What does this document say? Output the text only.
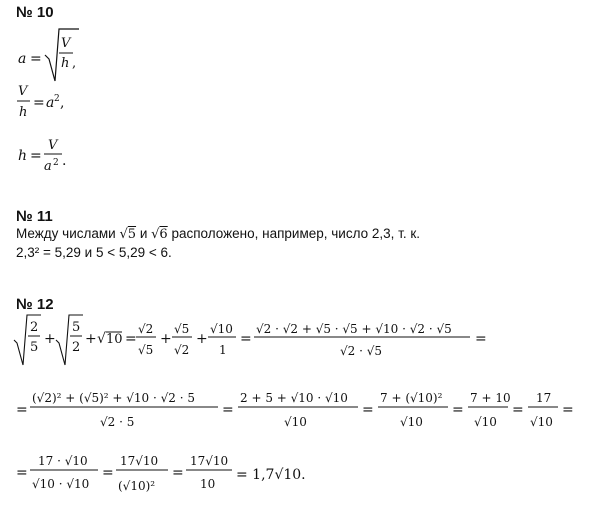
№ 10
№ 11
№ 12
a =
V
h ,
V
h
= a 2 ,
h =
V
a 2 .
Между числами √5 и √6 расположено, например, число 2,3, т. к.
2,3² = 5,29 и 5 < 5,29 < 6.
2
5
+
5
2
+ √ 10 =
√2
√5
+
√5
√2
+
√10
1
=
√2 · √2 + √5 · √5 + √10 · √2 · √5
√2 · √5
=
=
(√2)² + (√5)² + √10 · √2 · 5
√2 · 5
=
2 + 5 + √10 · √10
√10
=
7 + (√10)²
√10
=
7 + 10
√10
=
17
√10
=
=
17 · √10
√10 · √10
=
17√10
(√10)²
=
17√10
10
= 1,7√10.
